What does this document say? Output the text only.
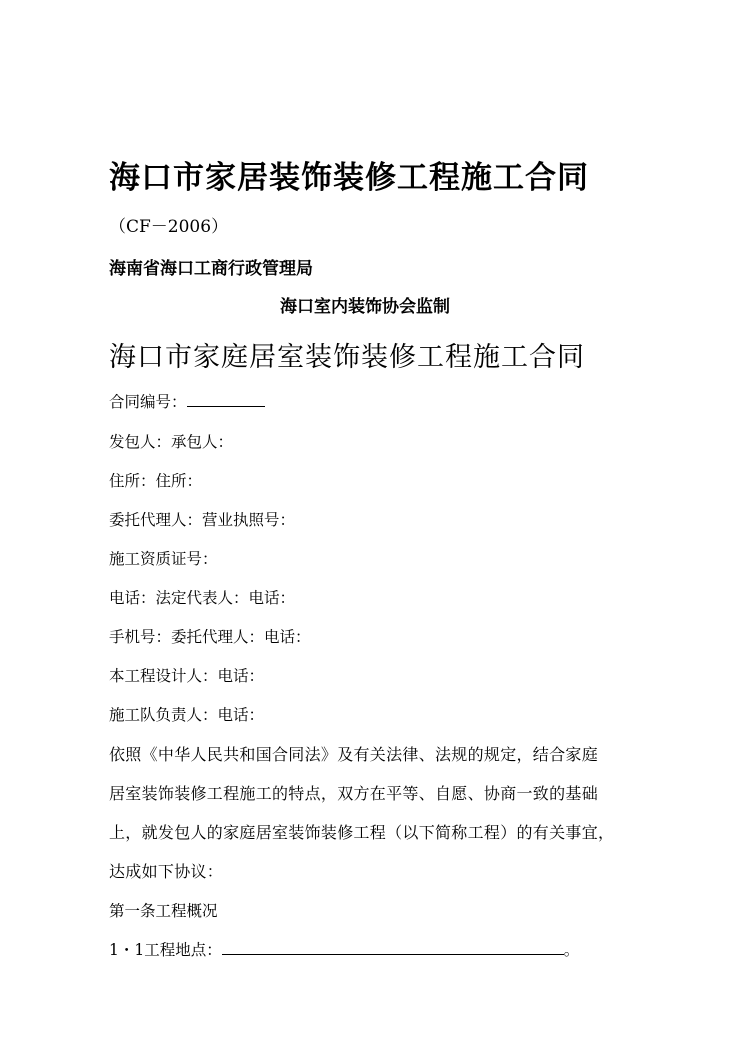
海口市家居装饰装修工程施工合同
（CF－2006）
海南省海口工商行政管理局
海口室内装饰协会监制
海口市家庭居室装饰装修工程施工合同
合同编号：
发包人：承包人：
住所：住所：
委托代理人：营业执照号：
施工资质证号：
电话：法定代表人：电话：
手机号：委托代理人：电话：
本工程设计人：电话：
施工队负责人：电话：
依照《中华人民共和国合同法》及有关法律、法规的规定，结合家庭
居室装饰装修工程施工的特点，双方在平等、自愿、协商一致的基础
上，就发包人的家庭居室装饰装修工程（以下简称工程）的有关事宜，
达成如下协议：
第一条工程概况
1・1工程地点：	。
